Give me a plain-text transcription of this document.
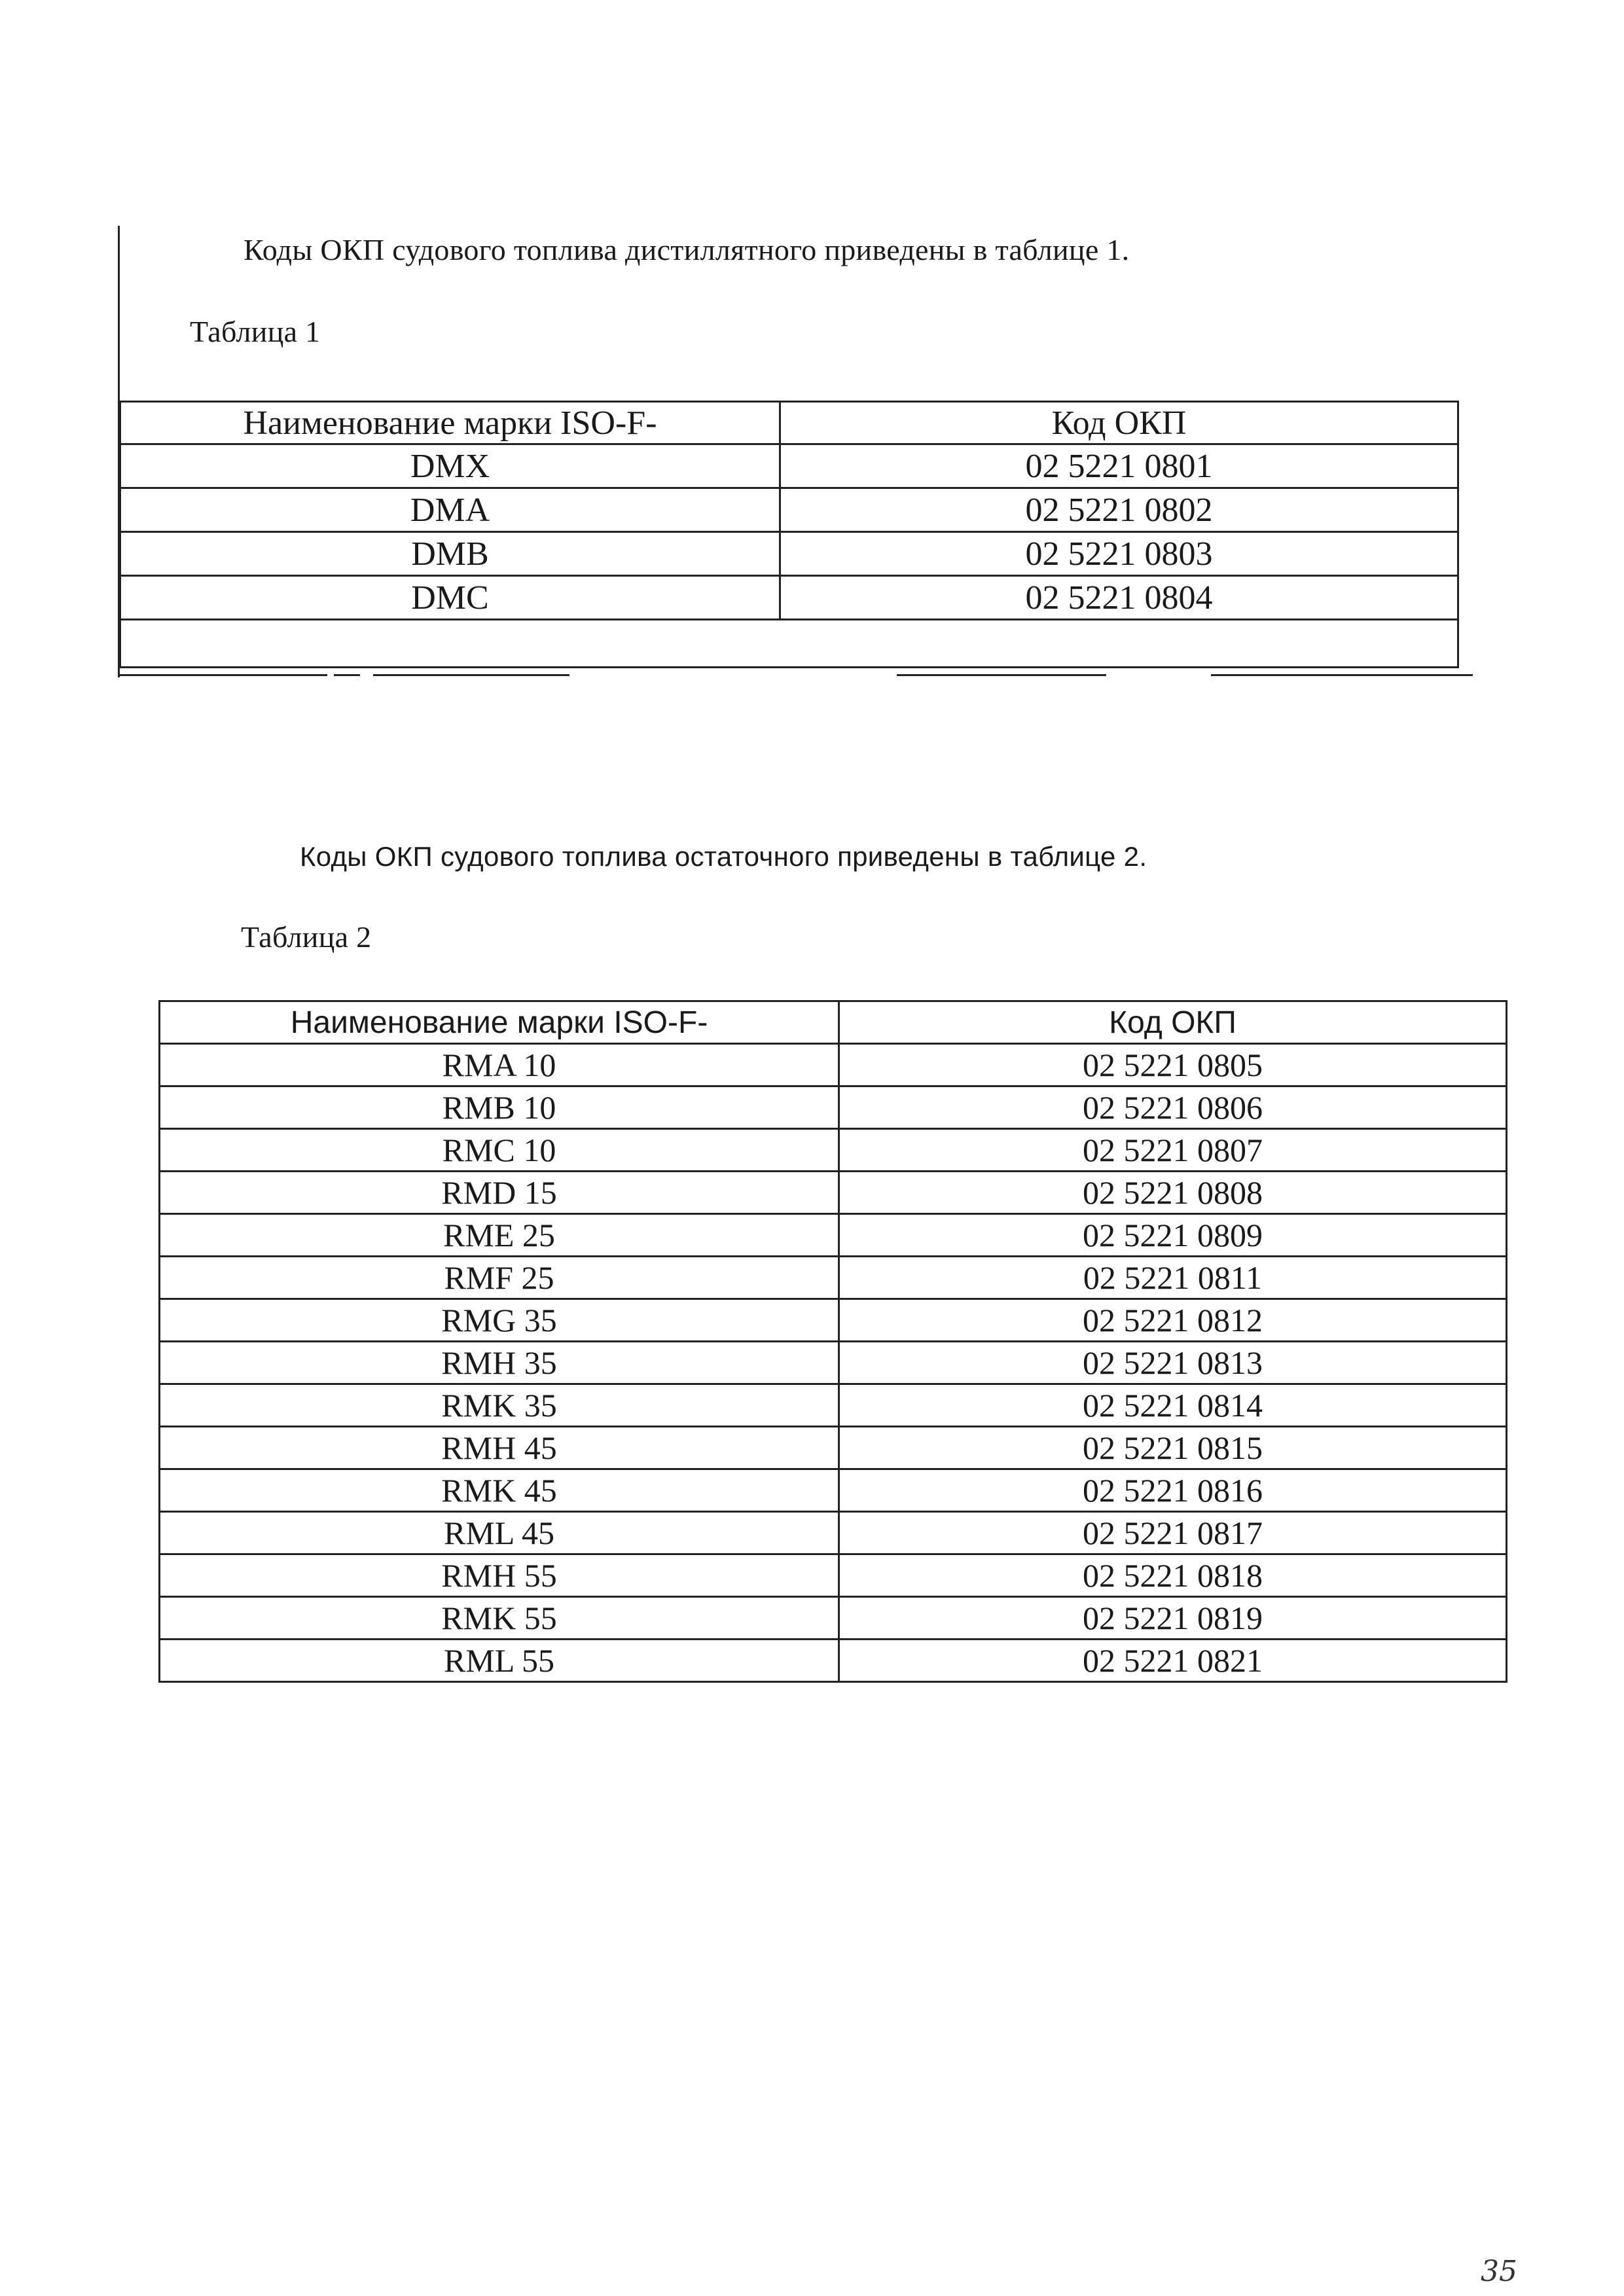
Коды ОКП судового топлива дистиллятного приведены в таблице 1.
Таблица 1
Наименование марки ISO-F-	Код ОКП
DMX	02 5221 0801
DMA	02 5221 0802
DMB	02 5221 0803
DMC	02 5221 0804

Коды ОКП судового топлива остаточного приведены в таблице 2.
Таблица 2
Наименование марки ISO-F-	Код ОКП
RMA 10	02 5221 0805
RMB 10	02 5221 0806
RMC 10	02 5221 0807
RMD 15	02 5221 0808
RME 25	02 5221 0809
RMF 25	02 5221 0811
RMG 35	02 5221 0812
RMH 35	02 5221 0813
RMK 35	02 5221 0814
RMH 45	02 5221 0815
RMK 45	02 5221 0816
RML 45	02 5221 0817
RMH 55	02 5221 0818
RMK 55	02 5221 0819
RML 55	02 5221 0821
35
